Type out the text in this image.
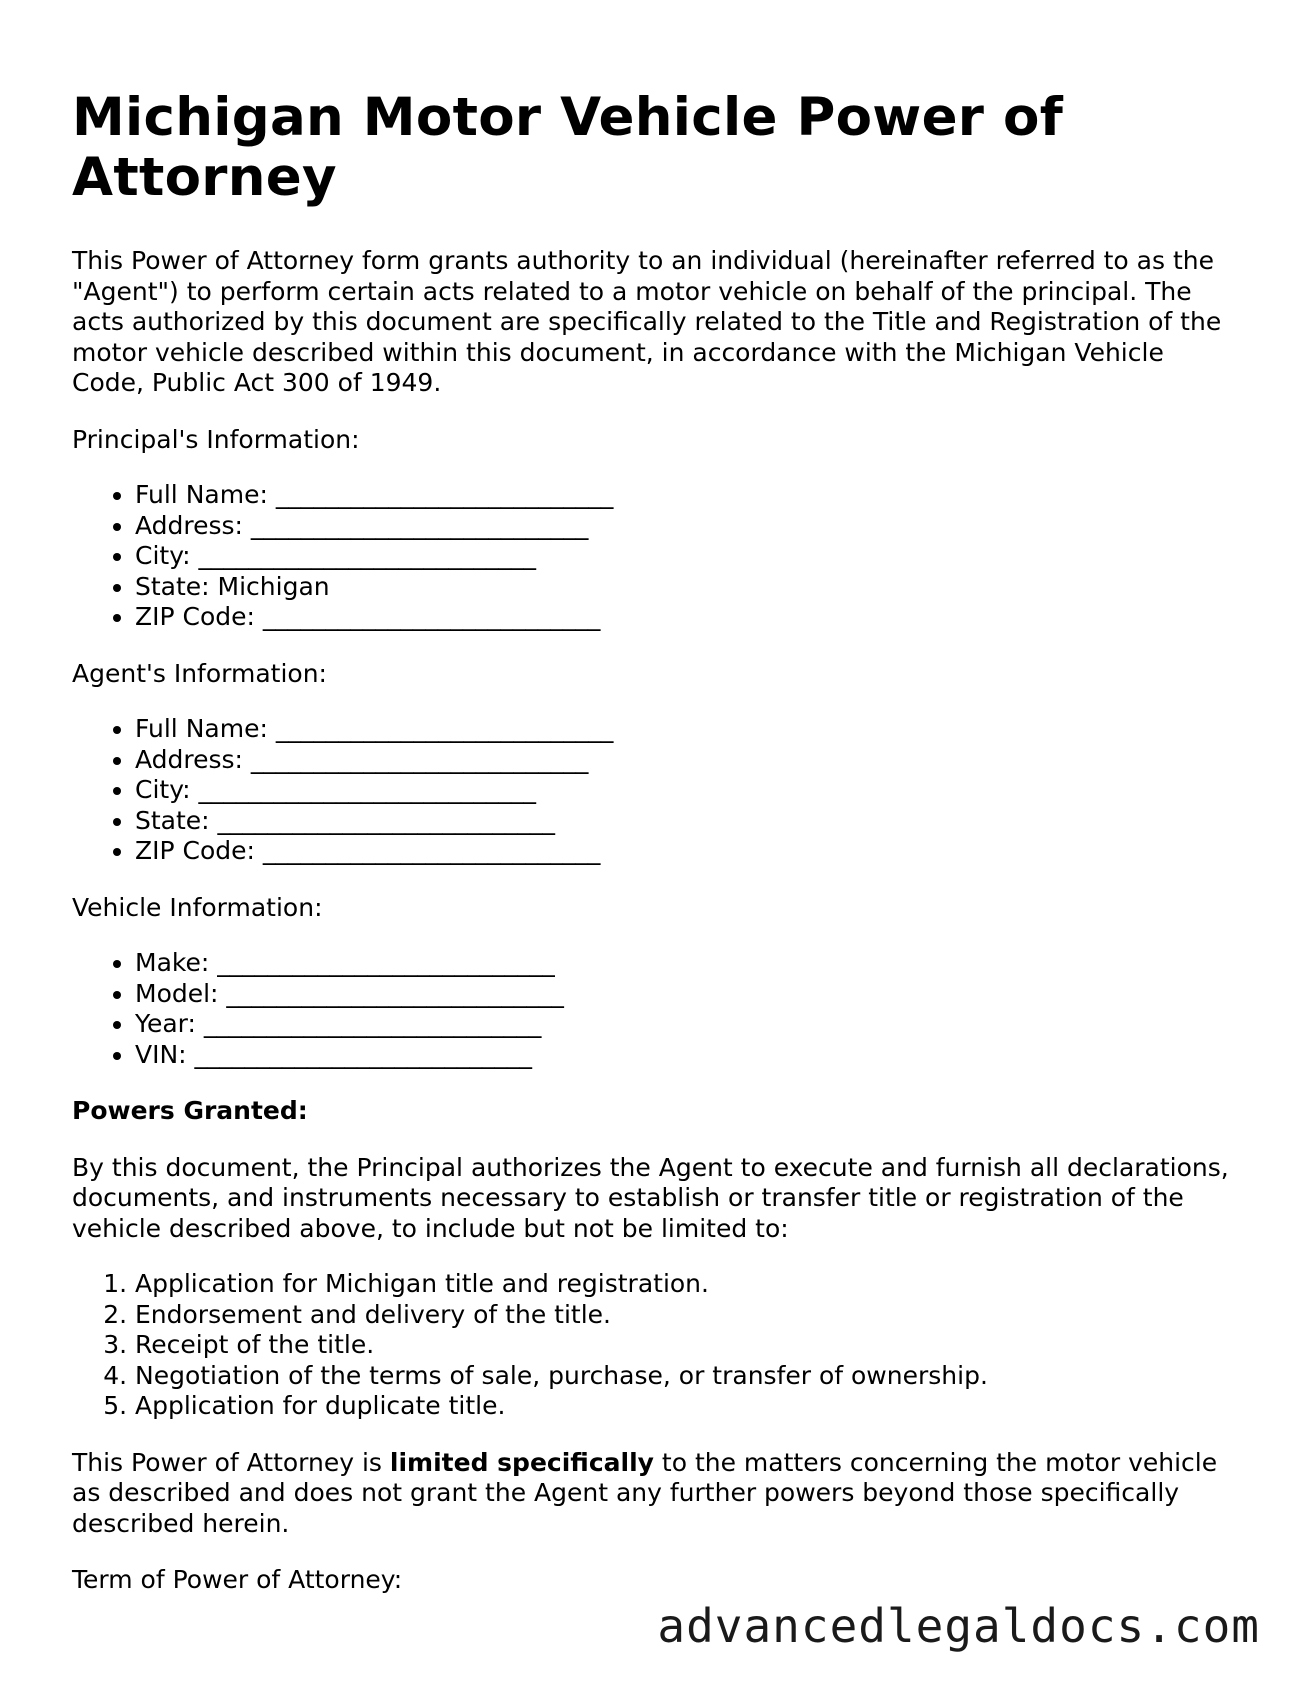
Michigan Motor Vehicle Power of Attorney

This Power of Attorney form grants authority to an individual (hereinafter referred to as the "Agent") to perform certain acts related to a motor vehicle on behalf of the principal. The acts authorized by this document are specifically related to the Title and Registration of the motor vehicle described within this document, in accordance with the Michigan Vehicle Code, Public Act 300 of 1949.

Principal's Information:

• Full Name: ___________________________
• Address: ___________________________
• City: ___________________________
• State: Michigan
• ZIP Code: ___________________________

Agent's Information:

• Full Name: ___________________________
• Address: ___________________________
• City: ___________________________
• State: ___________________________
• ZIP Code: ___________________________

Vehicle Information:

• Make: ___________________________
• Model: ___________________________
• Year: ___________________________
• VIN: ___________________________

Powers Granted:

By this document, the Principal authorizes the Agent to execute and furnish all declarations, documents, and instruments necessary to establish or transfer title or registration of the vehicle described above, to include but not be limited to:

1. Application for Michigan title and registration.
2. Endorsement and delivery of the title.
3. Receipt of the title.
4. Negotiation of the terms of sale, purchase, or transfer of ownership.
5. Application for duplicate title.

This Power of Attorney is limited specifically to the matters concerning the motor vehicle as described and does not grant the Agent any further powers beyond those specifically described herein.

Term of Power of Attorney:

advancedlegaldocs.com
